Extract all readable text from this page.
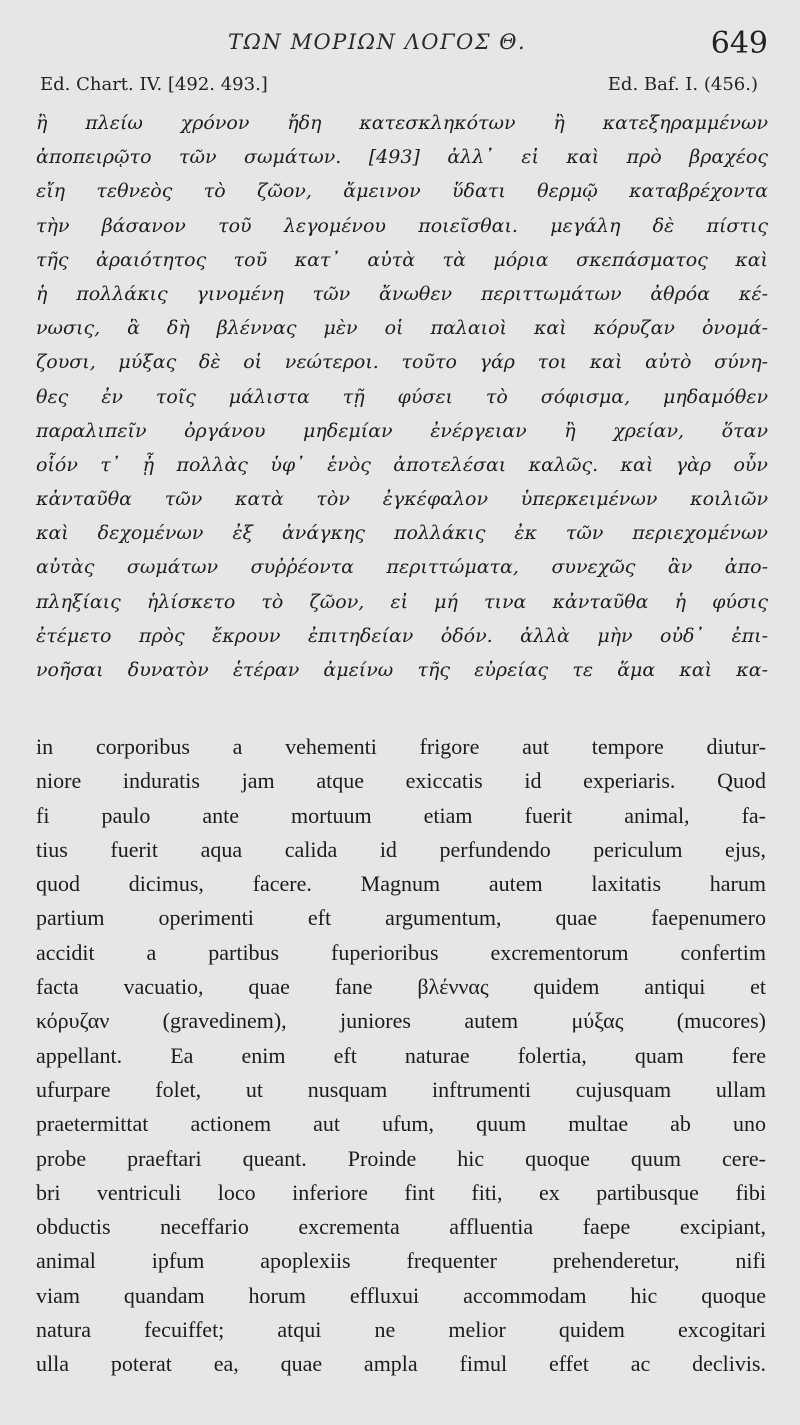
ΤΩΝ ΜΟΡΙΩΝ ΛΟΓΟΣ Θ.	649
Ed. Chart. IV. [492. 493.]	Ed. Baf. I. (456.)
ἢ πλείω χρόνον ἤδη κατεσκληκότων ἢ κατεξηραμμένων
ἀποπειρῷτο τῶν σωμάτων. [493] ἀλλ᾽ εἰ καὶ πρὸ βραχέος
εἴη τεθνεὸς τὸ ζῶον, ἄμεινον ὕδατι θερμῷ καταβρέχοντα
τὴν βάσανον τοῦ λεγομένου ποιεῖσθαι. μεγάλη δὲ πίστις
τῆς ἀραιότητος τοῦ κατ᾽ αὐτὰ τὰ μόρια σκεπάσματος καὶ
ἡ πολλάκις γινομένη τῶν ἄνωθεν περιττωμάτων ἀθρόα κέ-
νωσις, ἃ δὴ βλέννας μὲν οἱ παλαιοὶ καὶ κόρυζαν ὀνομά-
ζουσι, μύξας δὲ οἱ νεώτεροι. τοῦτο γάρ τοι καὶ αὐτὸ σύνη-
θες ἐν τοῖς μάλιστα τῇ φύσει τὸ σόφισμα, μηδαμόθεν
παραλιπεῖν ὀργάνου μηδεμίαν ἐνέργειαν ἢ χρείαν, ὅταν
οἷόν τ᾽ ᾖ πολλὰς ὑφ᾽ ἑνὸς ἀποτελέσαι καλῶς. καὶ γὰρ οὖν
κἀνταῦθα τῶν κατὰ τὸν ἐγκέφαλον ὑπερκειμένων κοιλιῶν
καὶ δεχομένων ἐξ ἀνάγκης πολλάκις ἐκ τῶν περιεχομένων
αὐτὰς σωμάτων συῤῥέοντα περιττώματα, συνεχῶς ἂν ἀπο-
πληξίαις ἡλίσκετο τὸ ζῶον, εἰ μή τινα κἀνταῦθα ἡ φύσις
ἐτέμετο πρὸς ἔκρουν ἐπιτηδείαν ὁδόν. ἀλλὰ μὴν οὐδ᾽ ἐπι-
νοῆσαι δυνατὸν ἑτέραν ἀμείνω τῆς εὐρείας τε ἅμα καὶ κα-
in corporibus a vehementi frigore aut tempore diutur-
niore induratis jam atque exiccatis id experiaris. Quod
fi paulo ante mortuum etiam fuerit animal, fa-
tius fuerit aqua calida id perfundendo periculum ejus,
quod dicimus, facere. Magnum autem laxitatis harum
partium operimenti eft argumentum, quae faepenumero
accidit a partibus fuperioribus excrementorum confertim
facta vacuatio, quae fane βλέννας quidem antiqui et
κόρυζαν (gravedinem), juniores autem μύξας (mucores)
appellant. Ea enim eft naturae folertia, quam fere
ufurpare folet, ut nusquam inftrumenti cujusquam ullam
praetermittat actionem aut ufum, quum multae ab uno
probe praeftari queant. Proinde hic quoque quum cere-
bri ventriculi loco inferiore fint fiti, ex partibusque fibi
obductis neceffario excrementa affluentia faepe excipiant,
animal ipfum apoplexiis frequenter prehenderetur, nifi
viam quandam horum effluxui accommodam hic quoque
natura fecuiffet; atqui ne melior quidem excogitari
ulla poterat ea, quae ampla fimul effet ac declivis.
